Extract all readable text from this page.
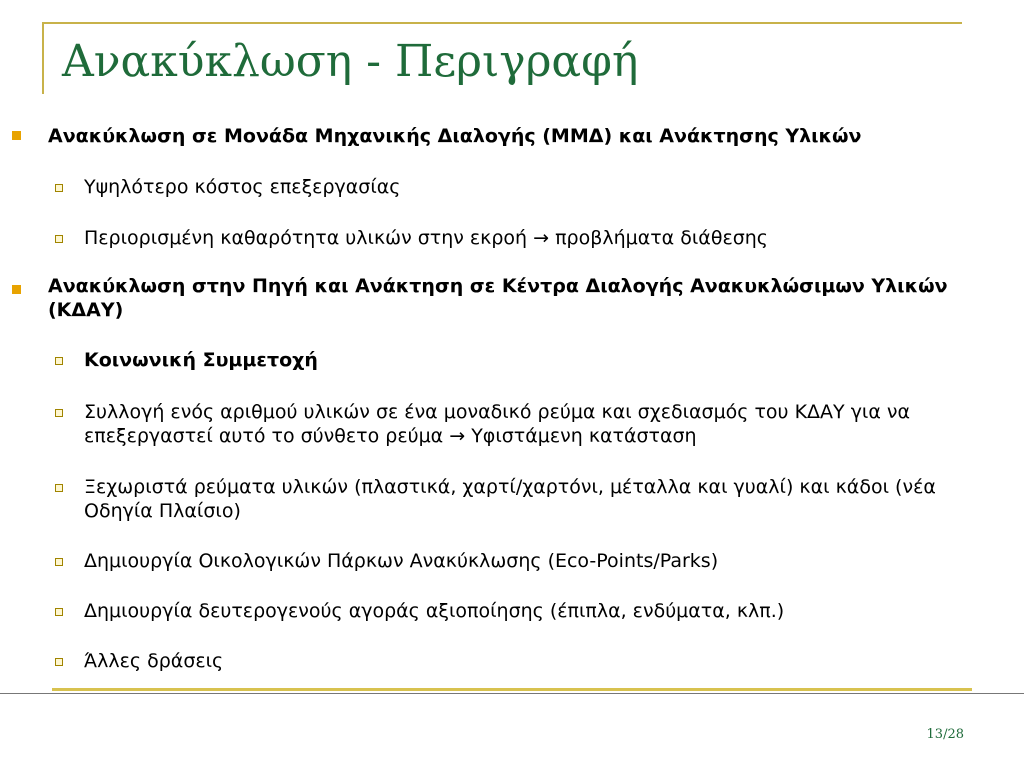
Ανακύκλωση - Περιγραφή
Ανακύκλωση σε Μονάδα Μηχανικής Διαλογής (ΜΜΔ) και Ανάκτησης Υλικών
Υψηλότερο κόστος επεξεργασίας
Περιορισμένη καθαρότητα υλικών στην εκροή → προβλήματα διάθεσης
Ανακύκλωση στην Πηγή και Ανάκτηση σε Κέντρα Διαλογής Ανακυκλώσιμων Υλικών (ΚΔΑΥ)
Κοινωνική Συμμετοχή
Συλλογή ενός αριθμού υλικών σε ένα μοναδικό ρεύμα και σχεδιασμός του ΚΔΑΥ για να επεξεργαστεί αυτό το σύνθετο ρεύμα → Υφιστάμενη κατάσταση
Ξεχωριστά ρεύματα υλικών (πλαστικά, χαρτί/χαρτόνι, μέταλλα και γυαλί) και κάδοι (νέα Οδηγία Πλαίσιο)
Δημιουργία Οικολογικών Πάρκων Ανακύκλωσης (Eco-Points/Parks)
Δημιουργία δευτερογενούς αγοράς αξιοποίησης (έπιπλα, ενδύματα, κλπ.)
Άλλες δράσεις
13/28
